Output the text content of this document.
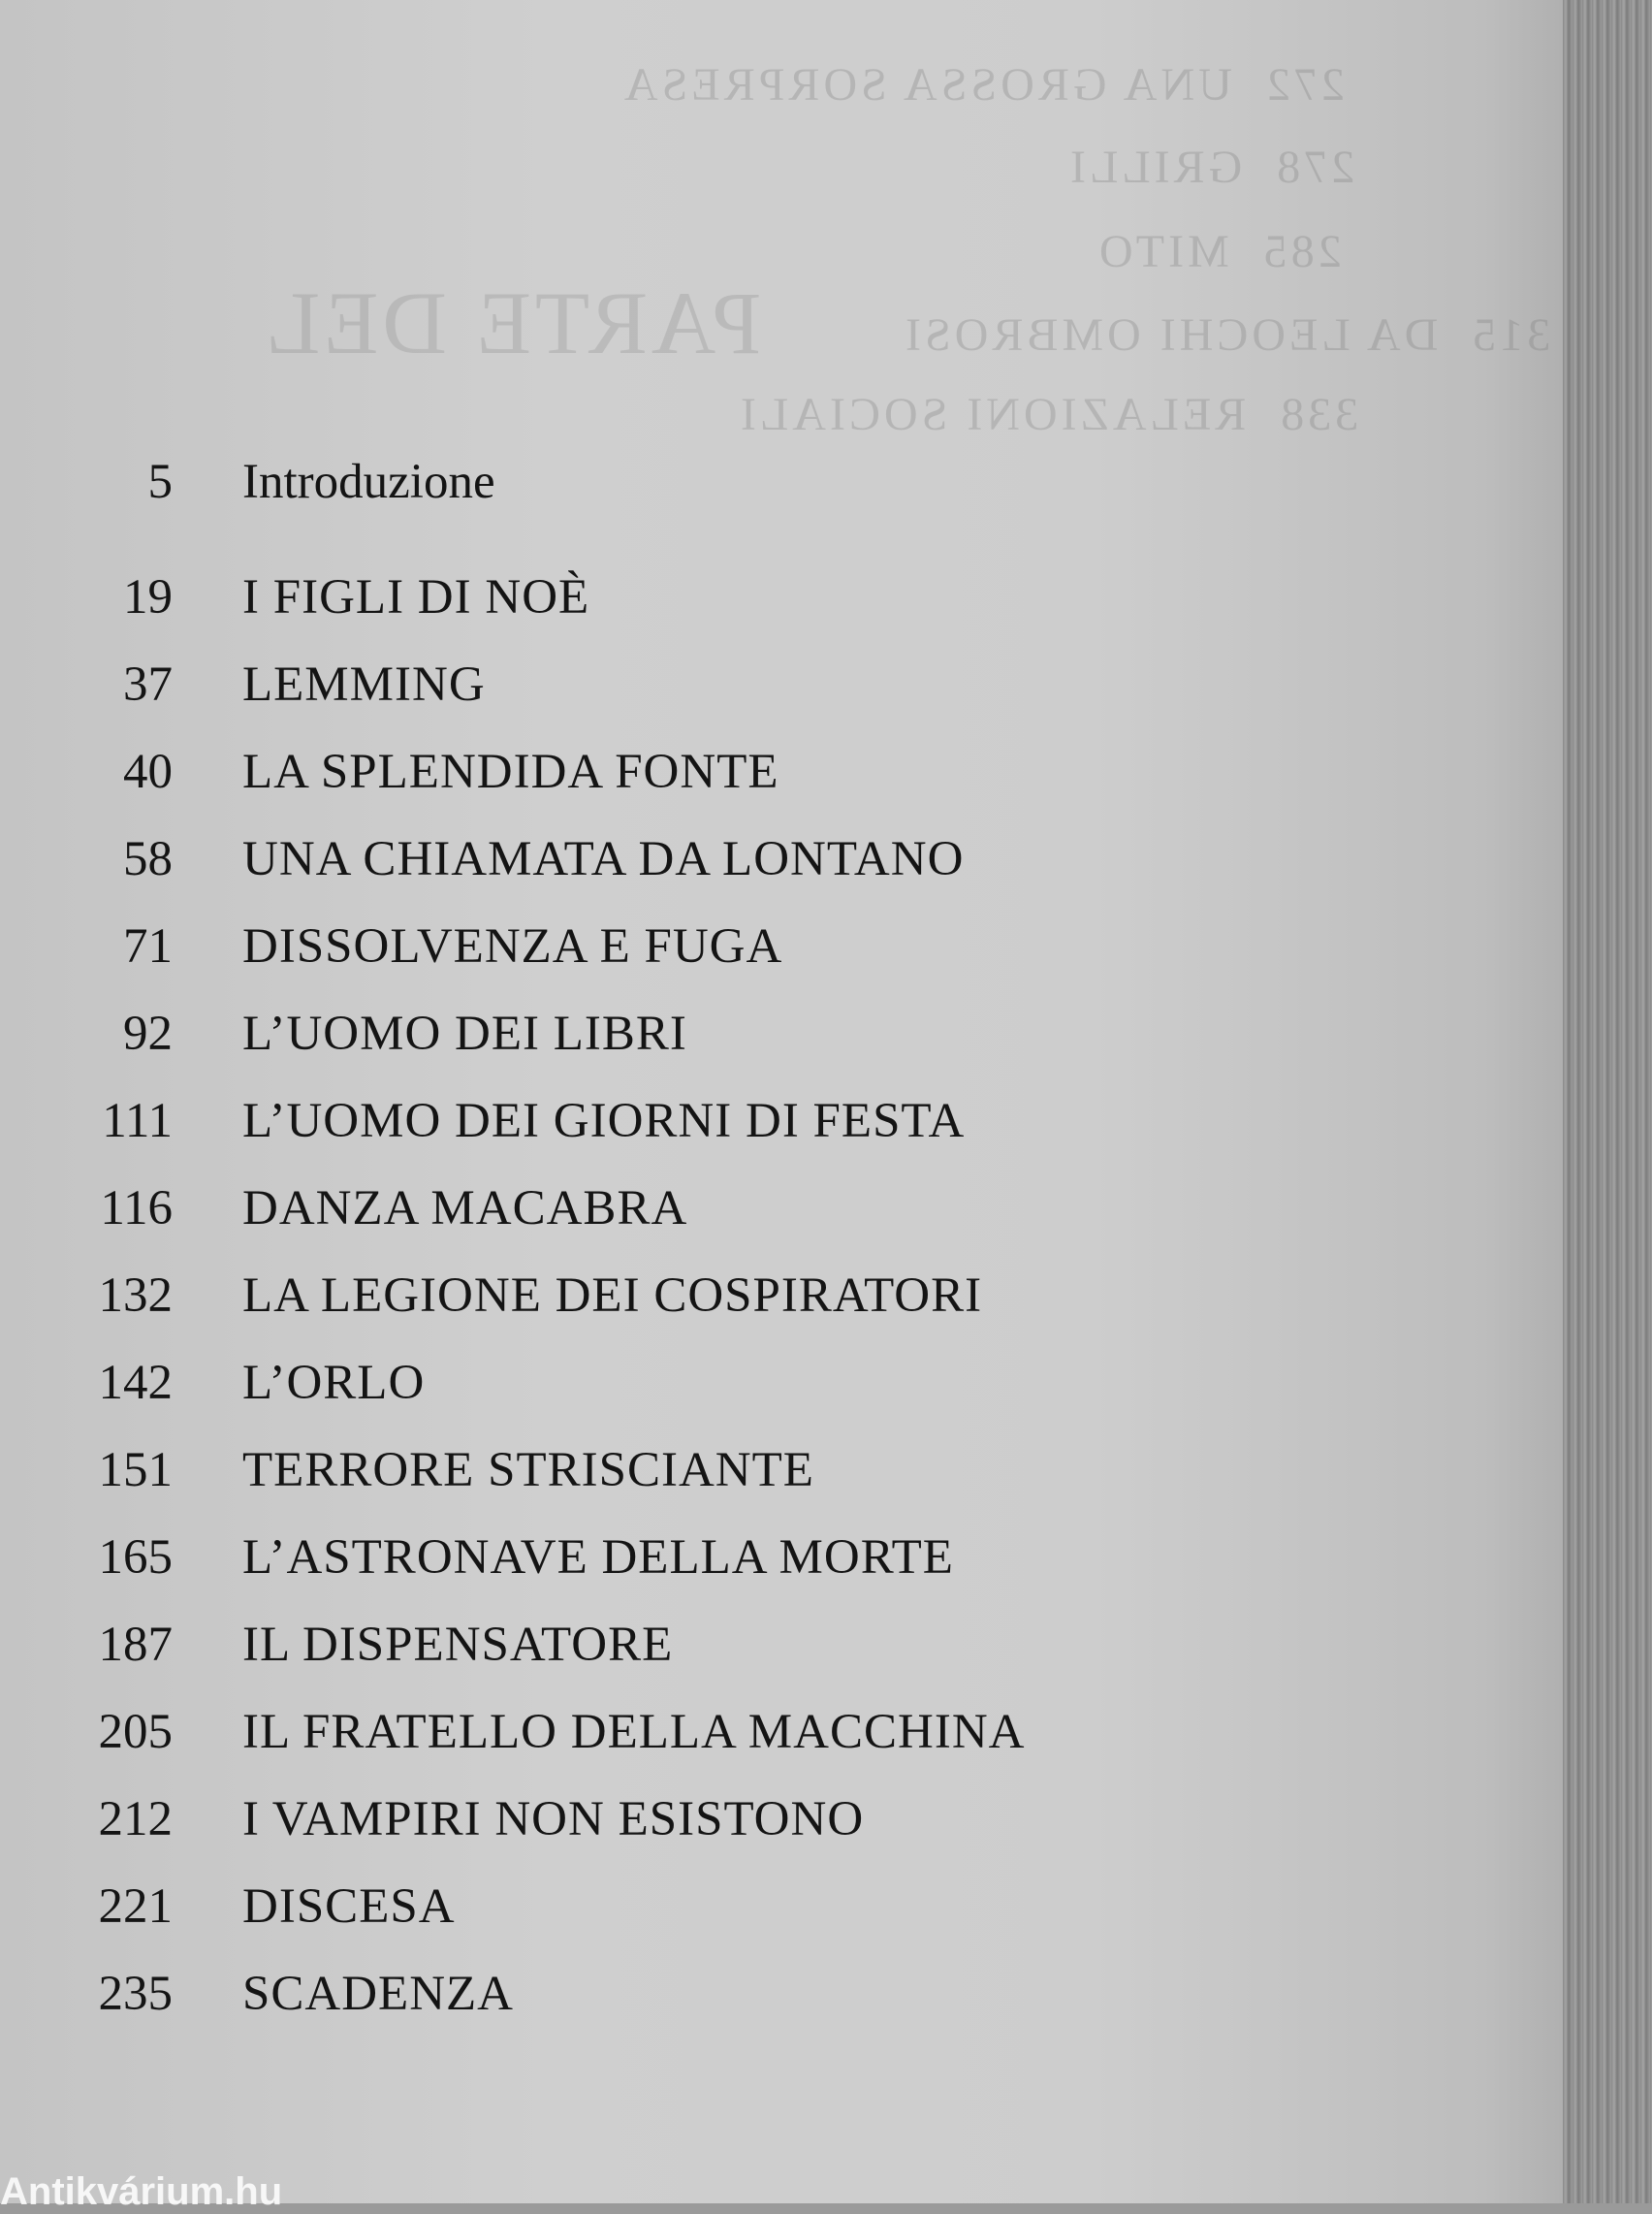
272  UNA GROSSA SORPRESA
278  GRILLI
285  MITO
PARTE DEL	315  DA LEOCHI OMBROSI
338  RELAZIONI SOCIALI
5 Introduzione
19 I FIGLI DI NOÈ
37 LEMMING
40 LA SPLENDIDA FONTE
58 UNA CHIAMATA DA LONTANO
71 DISSOLVENZA E FUGA
92 L’UOMO DEI LIBRI
111 L’UOMO DEI GIORNI DI FESTA
116 DANZA MACABRA
132 LA LEGIONE DEI COSPIRATORI
142 L’ORLO
151 TERRORE STRISCIANTE
165 L’ASTRONAVE DELLA MORTE
187 IL DISPENSATORE
205 IL FRATELLO DELLA MACCHINA
212 I VAMPIRI NON ESISTONO
221 DISCESA
235 SCADENZA
Antikvárium.hu
